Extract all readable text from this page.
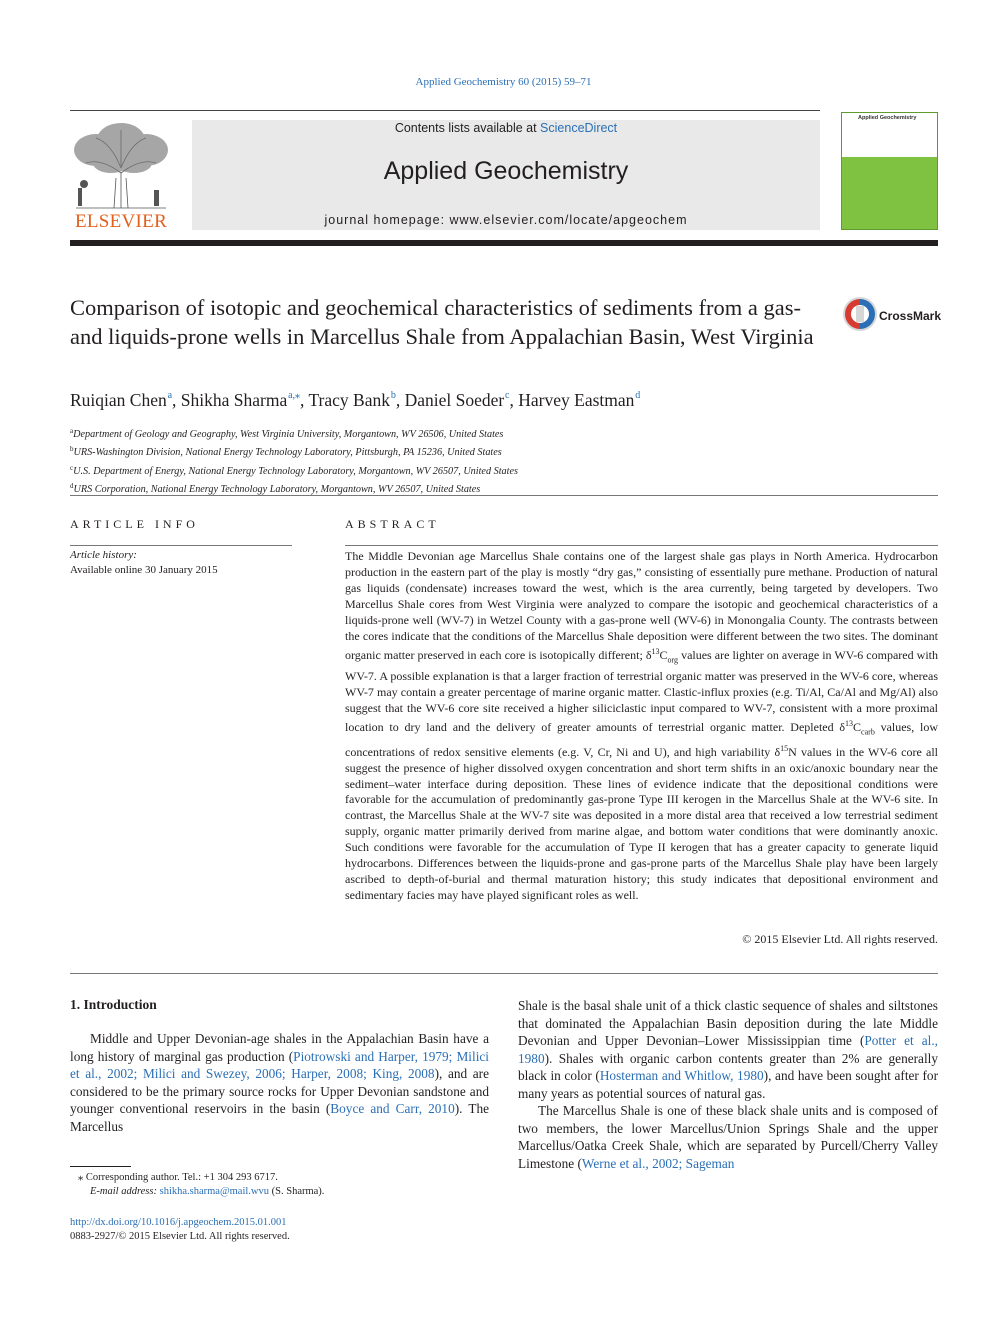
Applied Geochemistry 60 (2015) 59–71
ELSEVIER
Contents lists available at ScienceDirect
Applied Geochemistry
journal homepage: www.elsevier.com/locate/apgeochem
Applied Geochemistry
Comparison of isotopic and geochemical characteristics of sediments from a gas- and liquids-prone wells in Marcellus Shale from Appalachian Basin, West Virginia
CrossMark
Ruiqian Chen $^a$, Shikha Sharma $^{a,⁎}$, Tracy Bank $^b$, Daniel Soeder $^c$, Harvey Eastman $^d$
$^a$Department of Geology and Geography, West Virginia University, Morgantown, WV 26506, United States
$^b$URS-Washington Division, National Energy Technology Laboratory, Pittsburgh, PA 15236, United States
$^c$U.S. Department of Energy, National Energy Technology Laboratory, Morgantown, WV 26507, United States
$^d$URS Corporation, National Energy Technology Laboratory, Morgantown, WV 26507, United States
ARTICLE INFO
Article history:
Available online 30 January 2015
ABSTRACT
The Middle Devonian age Marcellus Shale contains one of the largest shale gas plays in North America. Hydrocarbon production in the eastern part of the play is mostly “dry gas,” consisting of essentially pure methane. Production of natural gas liquids (condensate) increases toward the west, which is the area currently, being targeted by developers. Two Marcellus Shale cores from West Virginia were analyzed to compare the isotopic and geochemical characteristics of a liquids-prone well (WV-7) in Wetzel County with a gas-prone well (WV-6) in Monongalia County. The contrasts between the cores indicate that the conditions of the Marcellus Shale deposition were different between the two sites. The dominant organic matter preserved in each core is isotopically different; $\delta^{13}C_{org}$ values are lighter on average in WV-6 compared with WV-7. A possible explanation is that a larger fraction of terrestrial organic matter was preserved in the WV-6 core, whereas WV-7 may contain a greater percentage of marine organic matter. Clastic-influx proxies (e.g. Ti/Al, Ca/Al and Mg/Al) also suggest that the WV-6 core site received a higher siliciclastic input compared to WV-7, consistent with a more proximal location to dry land and the delivery of greater amounts of terrestrial organic matter. Depleted $\delta^{13}C_{carb}$ values, low concentrations of redox sensitive elements (e.g. V, Cr, Ni and U), and high variability $\delta^{15}N$ values in the WV-6 core all suggest the presence of higher dissolved oxygen concentration and short term shifts in an oxic/anoxic boundary near the sediment–water interface during deposition. These lines of evidence indicate that the depositional conditions were favorable for the accumulation of predominantly gas-prone Type III kerogen in the Marcellus Shale at the WV-6 site. In contrast, the Marcellus Shale at the WV-7 site was deposited in a more distal area that received a low terrestrial sediment supply, organic matter primarily derived from marine algae, and bottom water conditions that were dominantly anoxic. Such conditions were favorable for the accumulation of Type II kerogen that has a greater capacity to generate liquid hydrocarbons. Differences between the liquids-prone and gas-prone parts of the Marcellus Shale play have been largely ascribed to depth-of-burial and thermal maturation history; this study indicates that depositional environment and sedimentary facies may have played significant roles as well.
© 2015 Elsevier Ltd. All rights reserved.
1. Introduction
Middle and Upper Devonian-age shales in the Appalachian Basin have a long history of marginal gas production (Piotrowski and Harper, 1979; Milici et al., 2002; Milici and Swezey, 2006; Harper, 2008; King, 2008), and are considered to be the primary source rocks for Upper Devonian sandstone and younger conventional reservoirs in the basin (Boyce and Carr, 2010). The Marcellus

Shale is the basal shale unit of a thick clastic sequence of shales and siltstones that dominated the Appalachian Basin deposition during the late Middle Devonian and Upper Devonian–Lower Mississippian time (Potter et al., 1980). Shales with organic carbon contents greater than 2% are generally black in color (Hosterman and Whitlow, 1980), and have been sought after for many years as potential sources of natural gas.

The Marcellus Shale is one of these black shale units and is composed of two members, the lower Marcellus/Union Springs Shale and the upper Marcellus/Oatka Creek Shale, which are separated by Purcell/Cherry Valley Limestone (Werne et al., 2002; Sageman

⁎ Corresponding author. Tel.: +1 304 293 6717.
E-mail address: shikha.sharma@mail.wvu (S. Sharma).
http://dx.doi.org/10.1016/j.apgeochem.2015.01.001
0883-2927/© 2015 Elsevier Ltd. All rights reserved.
